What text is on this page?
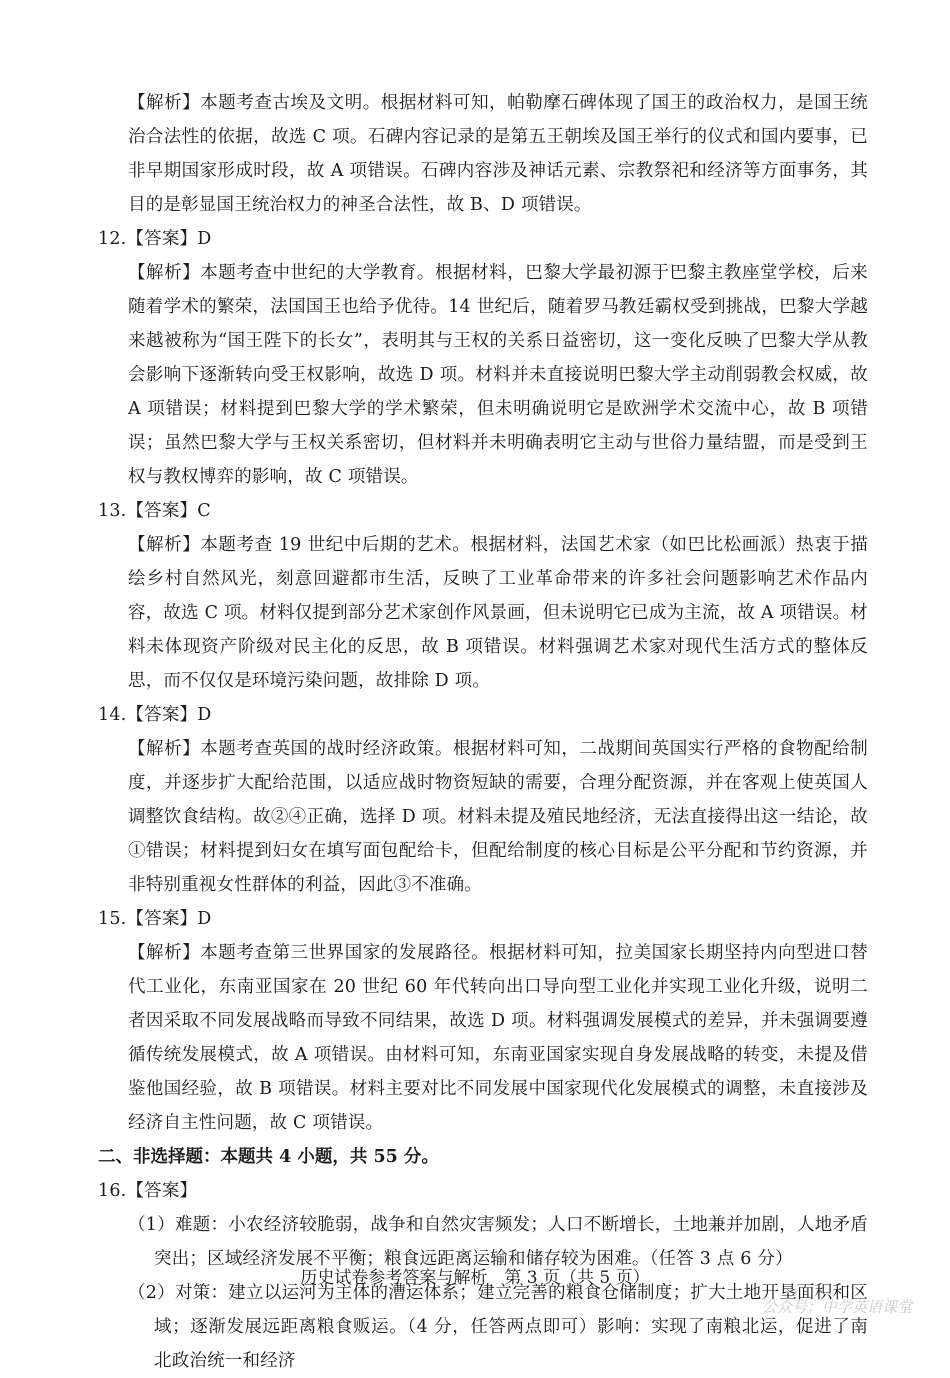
【解析】本题考查古埃及文明。根据材料可知，帕勒摩石碑体现了国王的政治权力，是国王统治合法性的依据，故选 C 项。石碑内容记录的是第五王朝埃及国王举行的仪式和国内要事，已非早期国家形成时段，故 A 项错误。石碑内容涉及神话元素、宗教祭祀和经济等方面事务，其目的是彰显国王统治权力的神圣合法性，故 B、D 项错误。

12.【答案】D

【解析】本题考查中世纪的大学教育。根据材料，巴黎大学最初源于巴黎主教座堂学校，后来随着学术的繁荣，法国国王也给予优待。14 世纪后，随着罗马教廷霸权受到挑战，巴黎大学越来越被称为“国王陛下的长女”，表明其与王权的关系日益密切，这一变化反映了巴黎大学从教会影响下逐渐转向受王权影响，故选 D 项。材料并未直接说明巴黎大学主动削弱教会权威，故 A 项错误；材料提到巴黎大学的学术繁荣，但未明确说明它是欧洲学术交流中心，故 B 项错误；虽然巴黎大学与王权关系密切，但材料并未明确表明它主动与世俗力量结盟，而是受到王权与教权博弈的影响，故 C 项错误。

13.【答案】C

【解析】本题考查 19 世纪中后期的艺术。根据材料，法国艺术家（如巴比松画派）热衷于描绘乡村自然风光，刻意回避都市生活，反映了工业革命带来的许多社会问题影响艺术作品内容，故选 C 项。材料仅提到部分艺术家创作风景画，但未说明它已成为主流，故 A 项错误。材料未体现资产阶级对民主化的反思，故 B 项错误。材料强调艺术家对现代生活方式的整体反思，而不仅仅是环境污染问题，故排除 D 项。

14.【答案】D

【解析】本题考查英国的战时经济政策。根据材料可知，二战期间英国实行严格的食物配给制度，并逐步扩大配给范围，以适应战时物资短缺的需要，合理分配资源，并在客观上使英国人调整饮食结构。故②④正确，选择 D 项。材料未提及殖民地经济，无法直接得出这一结论，故①错误；材料提到妇女在填写面包配给卡，但配给制度的核心目标是公平分配和节约资源，并非特别重视女性群体的利益，因此③不准确。

15.【答案】D

【解析】本题考查第三世界国家的发展路径。根据材料可知，拉美国家长期坚持内向型进口替代工业化，东南亚国家在 20 世纪 60 年代转向出口导向型工业化并实现工业化升级，说明二者因采取不同发展战略而导致不同结果，故选 D 项。材料强调发展模式的差异，并未强调要遵循传统发展模式，故 A 项错误。由材料可知，东南亚国家实现自身发展战略的转变，未提及借鉴他国经验，故 B 项错误。材料主要对比不同发展中国家现代化发展模式的调整，未直接涉及经济自主性问题，故 C 项错误。

二、非选择题：本题共 4 小题，共 55 分。

16.【答案】

（1）难题：小农经济较脆弱，战争和自然灾害频发；人口不断增长，土地兼并加剧，人地矛盾突出；区域经济发展不平衡；粮食远距离运输和储存较为困难。（任答 3 点 6 分）

（2）对策：建立以运河为主体的漕运体系；建立完善的粮食仓储制度；扩大土地开垦面积和区域；逐渐发展远距离粮食贩运。（4 分，任答两点即可）影响：实现了南粮北运，促进了南北政治统一和经济

历史试卷参考答案与解析　第 3 页（共 5 页）
公众号：中学英语课堂
